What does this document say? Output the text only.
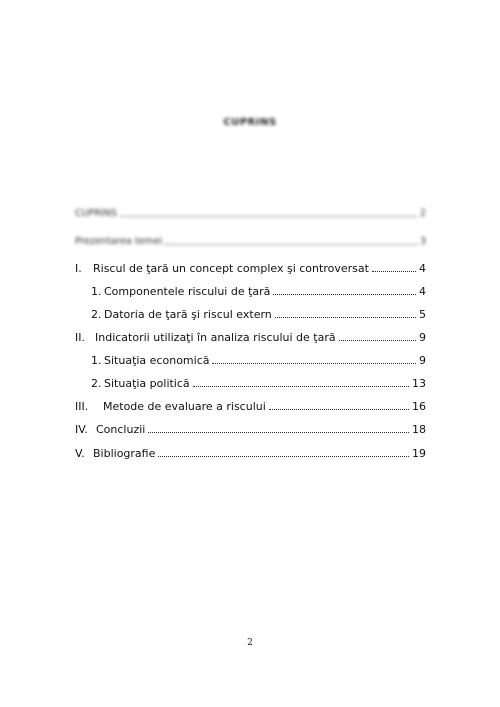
CUPRINS
CUPRINS	2
Prezentarea temei	3
I.	Riscul de ţară un concept complex şi controversat	4
1. Componentele riscului de ţară	4
2. Datoria de ţară şi riscul extern	5
II. Indicatorii utilizaţi în analiza riscului de ţară	9
1. Situaţia economică	9
2. Situaţia politică	13
III.	Metode de evaluare a riscului	16
IV. Concluzii	18
V. Bibliografie	19
2
